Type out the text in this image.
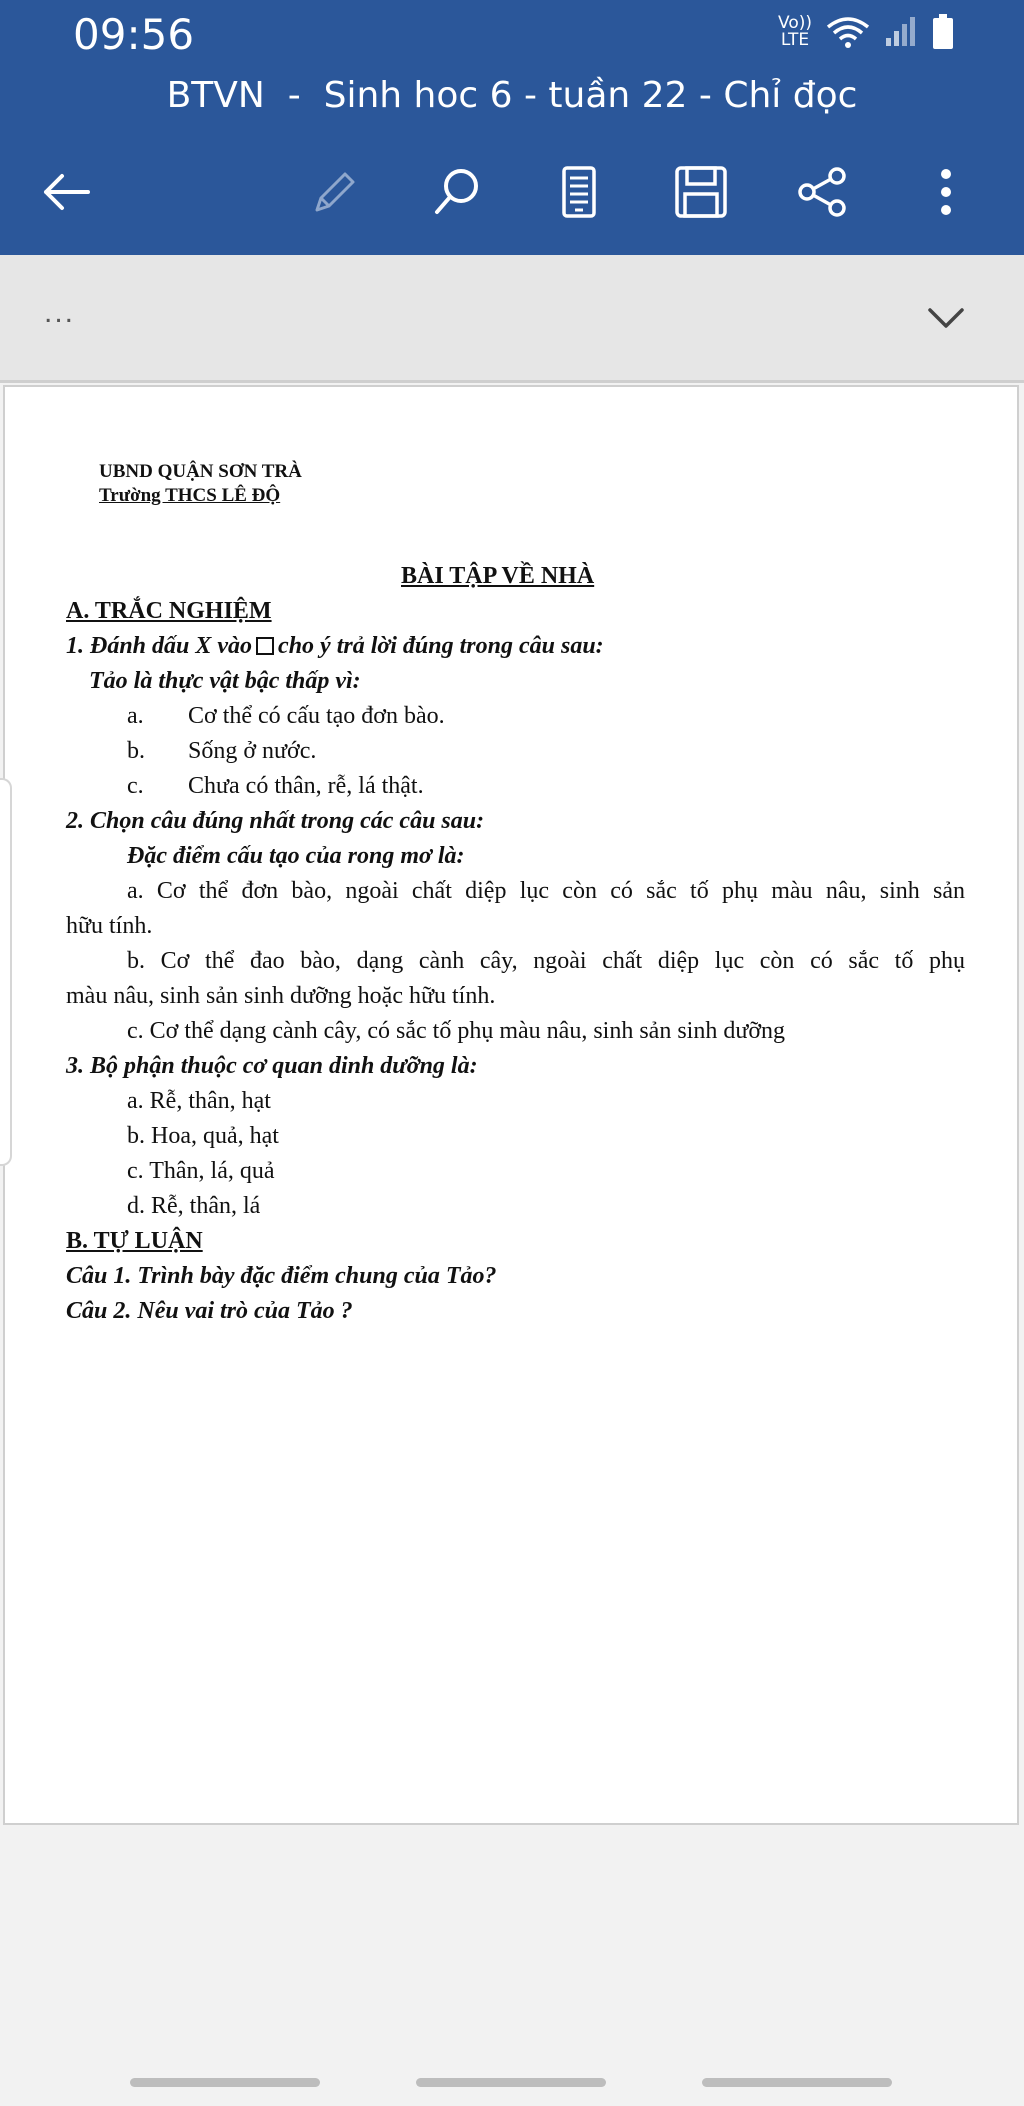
09:56	Vo))
LTE
BTVN  -  Sinh hoc 6 - tuần 22 - Chỉ đọc
...
UBND QUẬN SƠN TRÀ
Trường THCS LÊ ĐỘ
BÀI TẬP VỀ NHÀ
A. TRẮC NGHIỆM
1. Đánh dấu X vào cho ý trả lời đúng trong câu sau:
Tảo là thực vật bậc thấp vì:
a. Cơ thể có cấu tạo đơn bào.
b. Sống ở nước.
c. Chưa có thân, rễ, lá thật.
2. Chọn câu đúng nhất trong các câu sau:
Đặc điểm cấu tạo của rong mơ là:
a. Cơ thể đơn bào, ngoài chất diệp lục còn có sắc tố phụ màu nâu, sinh sản
hữu tính.
b. Cơ thể đao bào, dạng cành cây, ngoài chất diệp lục còn có sắc tố phụ
màu nâu, sinh sản sinh dưỡng hoặc hữu tính.
c. Cơ thể dạng cành cây, có sắc tố phụ màu nâu, sinh sản sinh dưỡng
3. Bộ phận thuộc cơ quan dinh dưỡng là:
a. Rễ, thân, hạt
b. Hoa, quả, hạt
c. Thân, lá, quả
d. Rễ, thân, lá
B. TỰ LUẬN
Câu 1. Trình bày đặc điểm chung của Tảo?
Câu 2. Nêu vai trò của Tảo ?
